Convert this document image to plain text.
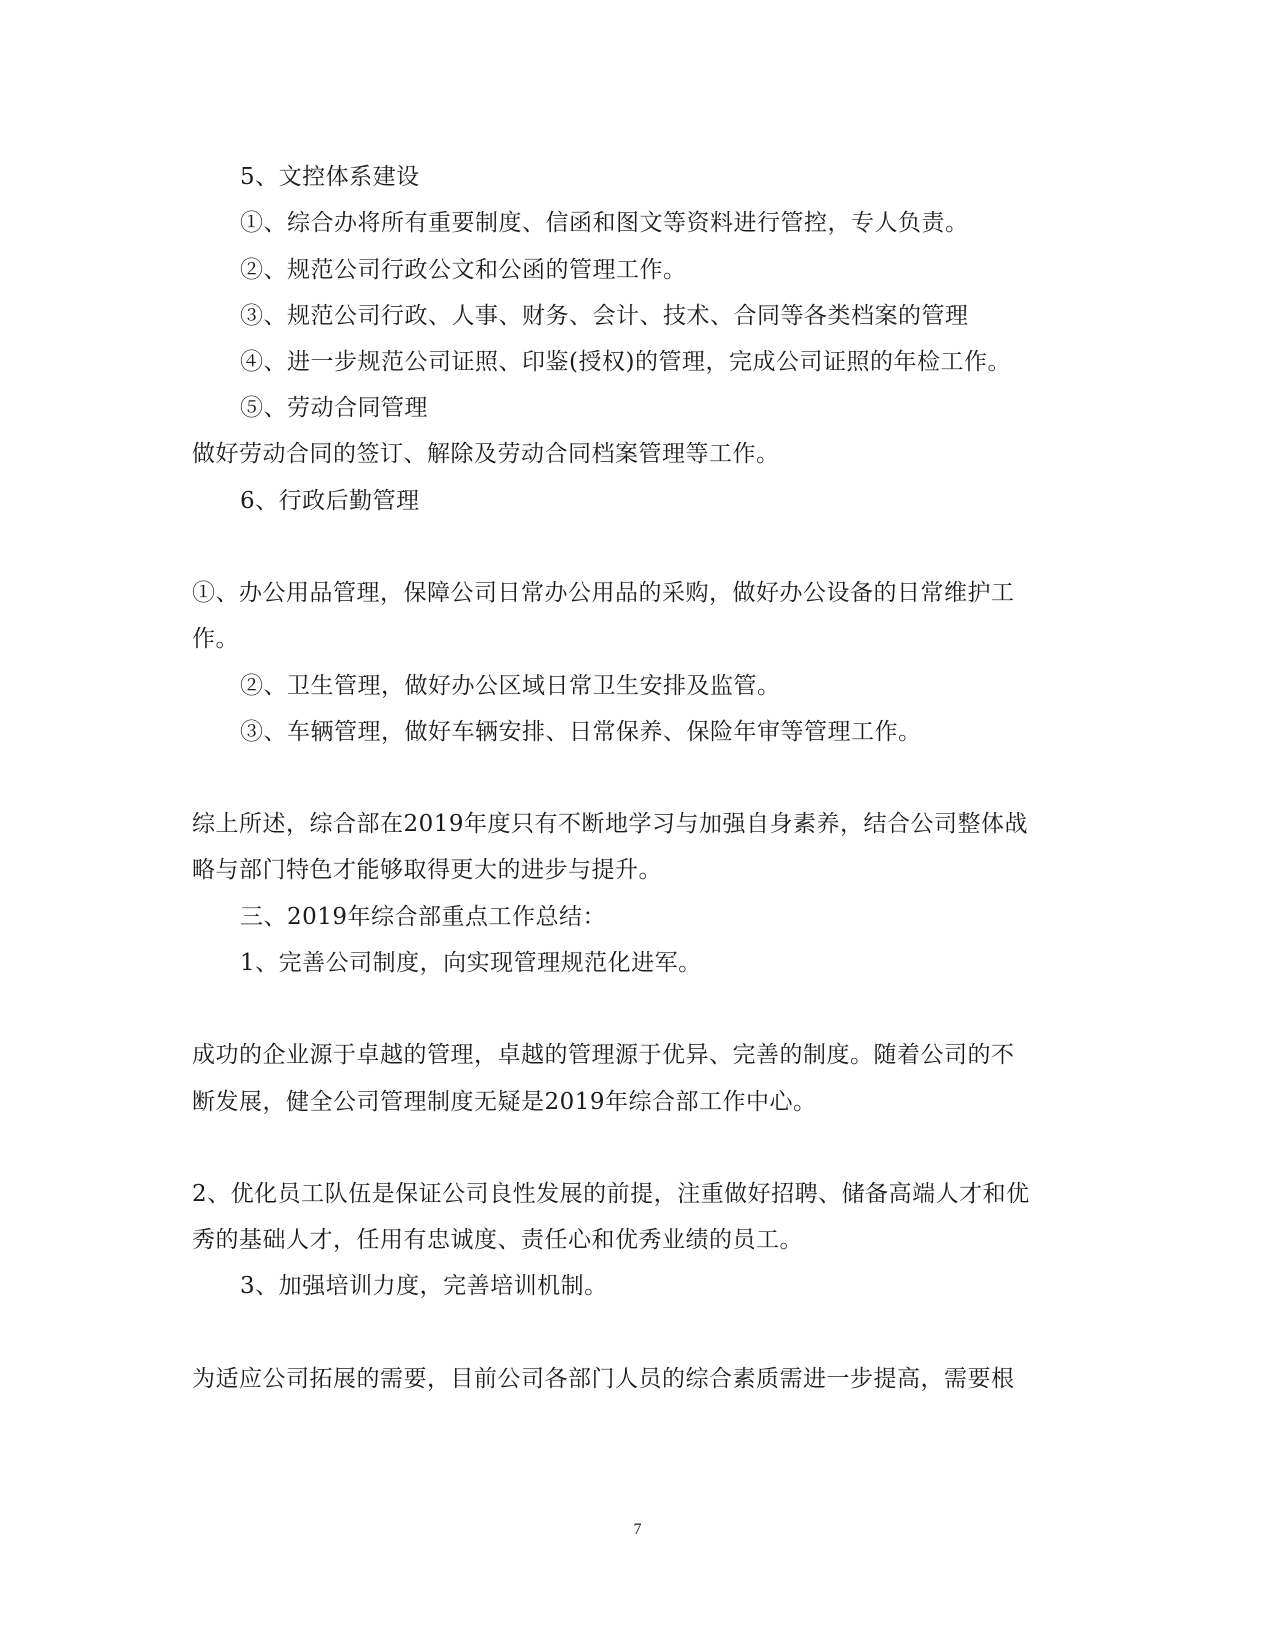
5、文控体系建设
①、综合办将所有重要制度、信函和图文等资料进行管控，专人负责。
②、规范公司行政公文和公函的管理工作。
③、规范公司行政、人事、财务、会计、技术、合同等各类档案的管理
④、进一步规范公司证照、印鉴(授权)的管理，完成公司证照的年检工作。
⑤、劳动合同管理
做好劳动合同的签订、解除及劳动合同档案管理等工作。
6、行政后勤管理
①、办公用品管理，保障公司日常办公用品的采购，做好办公设备的日常维护工
作。
②、卫生管理，做好办公区域日常卫生安排及监管。
③、车辆管理，做好车辆安排、日常保养、保险年审等管理工作。
综上所述，综合部在2019年度只有不断地学习与加强自身素养，结合公司整体战
略与部门特色才能够取得更大的进步与提升。
三、2019年综合部重点工作总结：
1、完善公司制度，向实现管理规范化进军。
成功的企业源于卓越的管理，卓越的管理源于优异、完善的制度。随着公司的不
断发展，健全公司管理制度无疑是2019年综合部工作中心。
2、优化员工队伍是保证公司良性发展的前提，注重做好招聘、储备高端人才和优
秀的基础人才，任用有忠诚度、责任心和优秀业绩的员工。
3、加强培训力度，完善培训机制。
为适应公司拓展的需要，目前公司各部门人员的综合素质需进一步提高，需要根
7
